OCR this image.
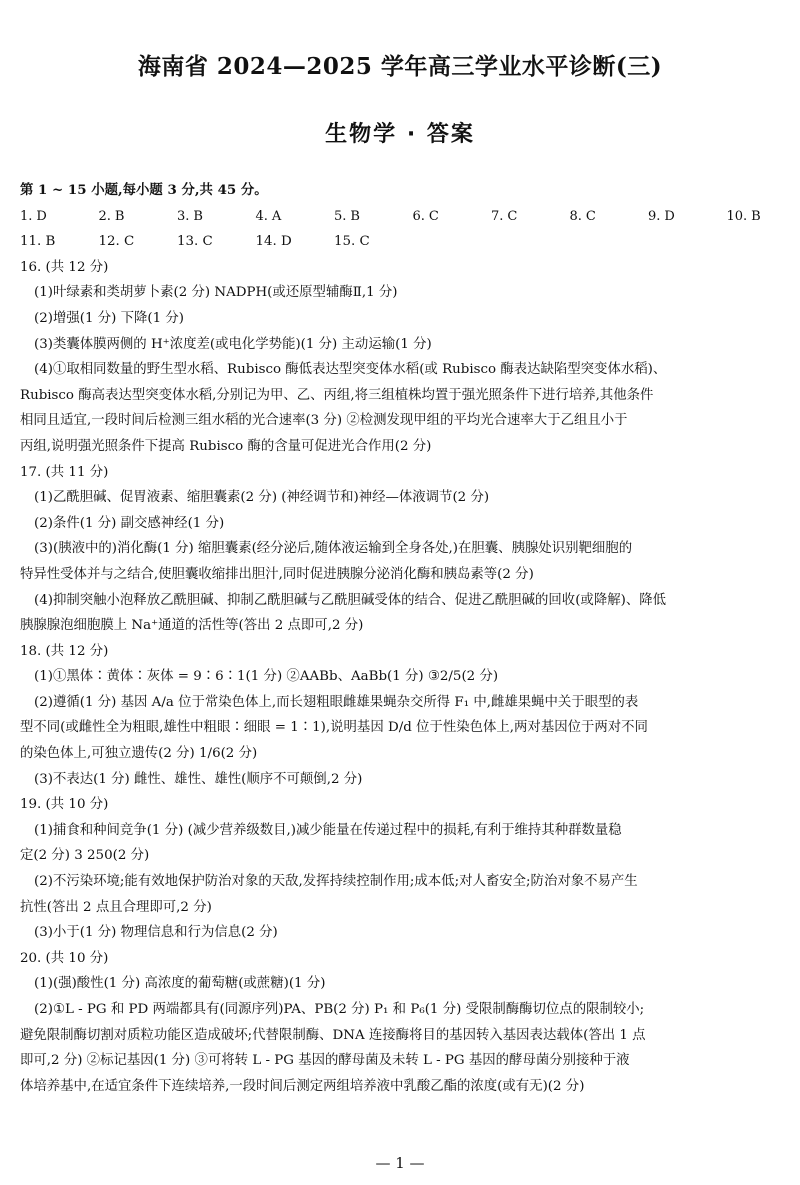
海南省 2024—2025 学年高三学业水平诊断(三)
生物学 · 答案
第 1 ~ 15 小题,每小题 3 分,共 45 分。
1. D	2. B	3. B	4. A	5. B	6. C	7. C	8. C	9. D	10. B
11. B	12. C	13. C	14. D	15. C
16. (共 12 分)
(1)叶绿素和类胡萝卜素(2 分) NADPH(或还原型辅酶Ⅱ,1 分)
(2)增强(1 分) 下降(1 分)
(3)类囊体膜两侧的 H⁺浓度差(或电化学势能)(1 分) 主动运输(1 分)
(4)①取相同数量的野生型水稻、Rubisco 酶低表达型突变体水稻(或 Rubisco 酶表达缺陷型突变体水稻)、
Rubisco 酶高表达型突变体水稻,分别记为甲、乙、丙组,将三组植株均置于强光照条件下进行培养,其他条件
相同且适宜,一段时间后检测三组水稻的光合速率(3 分) ②检测发现甲组的平均光合速率大于乙组且小于
丙组,说明强光照条件下提高 Rubisco 酶的含量可促进光合作用(2 分)
17. (共 11 分)
(1)乙酰胆碱、促胃液素、缩胆囊素(2 分) (神经调节和)神经—体液调节(2 分)
(2)条件(1 分) 副交感神经(1 分)
(3)(胰液中的)消化酶(1 分) 缩胆囊素(经分泌后,随体液运输到全身各处,)在胆囊、胰腺处识别靶细胞的
特异性受体并与之结合,使胆囊收缩排出胆汁,同时促进胰腺分泌消化酶和胰岛素等(2 分)
(4)抑制突触小泡释放乙酰胆碱、抑制乙酰胆碱与乙酰胆碱受体的结合、促进乙酰胆碱的回收(或降解)、降低
胰腺腺泡细胞膜上 Na⁺通道的活性等(答出 2 点即可,2 分)
18. (共 12 分)
(1)①黑体∶黄体∶灰体 = 9∶6∶1(1 分) ②AABb、AaBb(1 分) ③2/5(2 分)
(2)遵循(1 分) 基因 A/a 位于常染色体上,而长翅粗眼雌雄果蝇杂交所得 F₁ 中,雌雄果蝇中关于眼型的表
型不同(或雌性全为粗眼,雄性中粗眼∶细眼 = 1∶1),说明基因 D/d 位于性染色体上,两对基因位于两对不同
的染色体上,可独立遗传(2 分) 1/6(2 分)
(3)不表达(1 分) 雌性、雄性、雄性(顺序不可颠倒,2 分)
19. (共 10 分)
(1)捕食和种间竞争(1 分) (减少营养级数目,)减少能量在传递过程中的损耗,有利于维持其种群数量稳
定(2 分) 3 250(2 分)
(2)不污染环境;能有效地保护防治对象的天敌,发挥持续控制作用;成本低;对人畜安全;防治对象不易产生
抗性(答出 2 点且合理即可,2 分)
(3)小于(1 分) 物理信息和行为信息(2 分)
20. (共 10 分)
(1)(强)酸性(1 分) 高浓度的葡萄糖(或蔗糖)(1 分)
(2)①L - PG 和 PD 两端都具有(同源序列)PA、PB(2 分) P₁ 和 P₆(1 分) 受限制酶酶切位点的限制较小;
避免限制酶切割对质粒功能区造成破坏;代替限制酶、DNA 连接酶将目的基因转入基因表达载体(答出 1 点
即可,2 分) ②标记基因(1 分) ③可将转 L - PG 基因的酵母菌及未转 L - PG 基因的酵母菌分别接种于液
体培养基中,在适宜条件下连续培养,一段时间后测定两组培养液中乳酸乙酯的浓度(或有无)(2 分)
— 1 —
